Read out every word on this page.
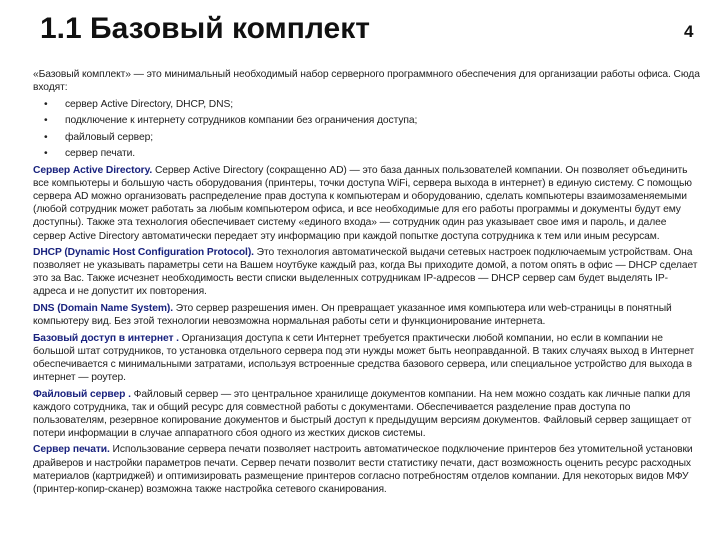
1.1 Базовый комплект	4

«Базовый комплект» — это минимальный необходимый набор серверного программного обеспечения для организации работы офиса. Сюда входят:

• сервер Active Directory, DHCP, DNS;
• подключение к интернету сотрудников компании без ограничения доступа;
• файловый сервер;
• сервер печати.

Сервер Active Directory. Сервер Active Directory (сокращенно AD) — это база данных пользователей компании. Он позволяет объединить все компьютеры и большую часть оборудования (принтеры, точки доступа WiFi, сервера выхода в интернет) в единую систему. С помощью сервера AD можно организовать распределение прав доступа к компьютерам и оборудованию, сделать компьютеры взаимозаменяемыми (любой сотрудник может работать за любым компьютером офиса, и все необходимые для его работы программы и документы будут ему доступны). Также эта технология обеспечивает систему «единого входа» — сотрудник один раз указывает свое имя и пароль, и далее сервер Active Directory автоматически передает эту информацию при каждой попытке доступа сотрудника к тем или иным ресурсам.

DHCP (Dynamic Host Configuration Protocol). Это технология автоматической выдачи сетевых настроек подключаемым устройствам. Она позволяет не указывать параметры сети на Вашем ноутбуке каждый раз, когда Вы приходите домой, а потом опять в офис — DHCP сделает это за Вас. Также исчезнет необходимость вести списки выделенных сотрудникам IP-адресов — DHCP сервер сам будет выделять IP-адреса и не допустит их повторения.

DNS (Domain Name System). Это сервер разрешения имен. Он превращает указанное имя компьютера или web-страницы в понятный компьютеру вид. Без этой технологии невозможна нормальная работы сети и функционирование интернета.

Базовый доступ в интернет . Организация доступа к сети Интернет требуется практически любой компании, но если в компании не большой штат сотрудников, то установка отдельного сервера под эти нужды может быть неоправданной. В таких случаях выход в Интернет обеспечивается с минимальными затратами, используя встроенные средства базового сервера, или специальное устройство для выхода в интернет — роутер.

Файловый сервер . Файловый сервер — это центральное хранилище документов компании. На нем можно создать как личные папки для каждого сотрудника, так и общий ресурс для совместной работы с документами. Обеспечивается разделение прав доступа по пользователям, резервное копирование документов и быстрый доступ к предыдущим версиям документов. Файловый сервер защищает от потери информации в случае аппаратного сбоя одного из жестких дисков системы.

Сервер печати. Использование сервера печати позволяет настроить автоматическое подключение принтеров без утомительной установки драйверов и настройки параметров печати. Сервер печати позволит вести статистику печати, даст возможность оценить ресурс расходных материалов (картриджей) и оптимизировать размещение принтеров согласно потребностям отделов компании. Для некоторых видов МФУ (принтер-копир-сканер) возможна также настройка сетевого сканирования.
